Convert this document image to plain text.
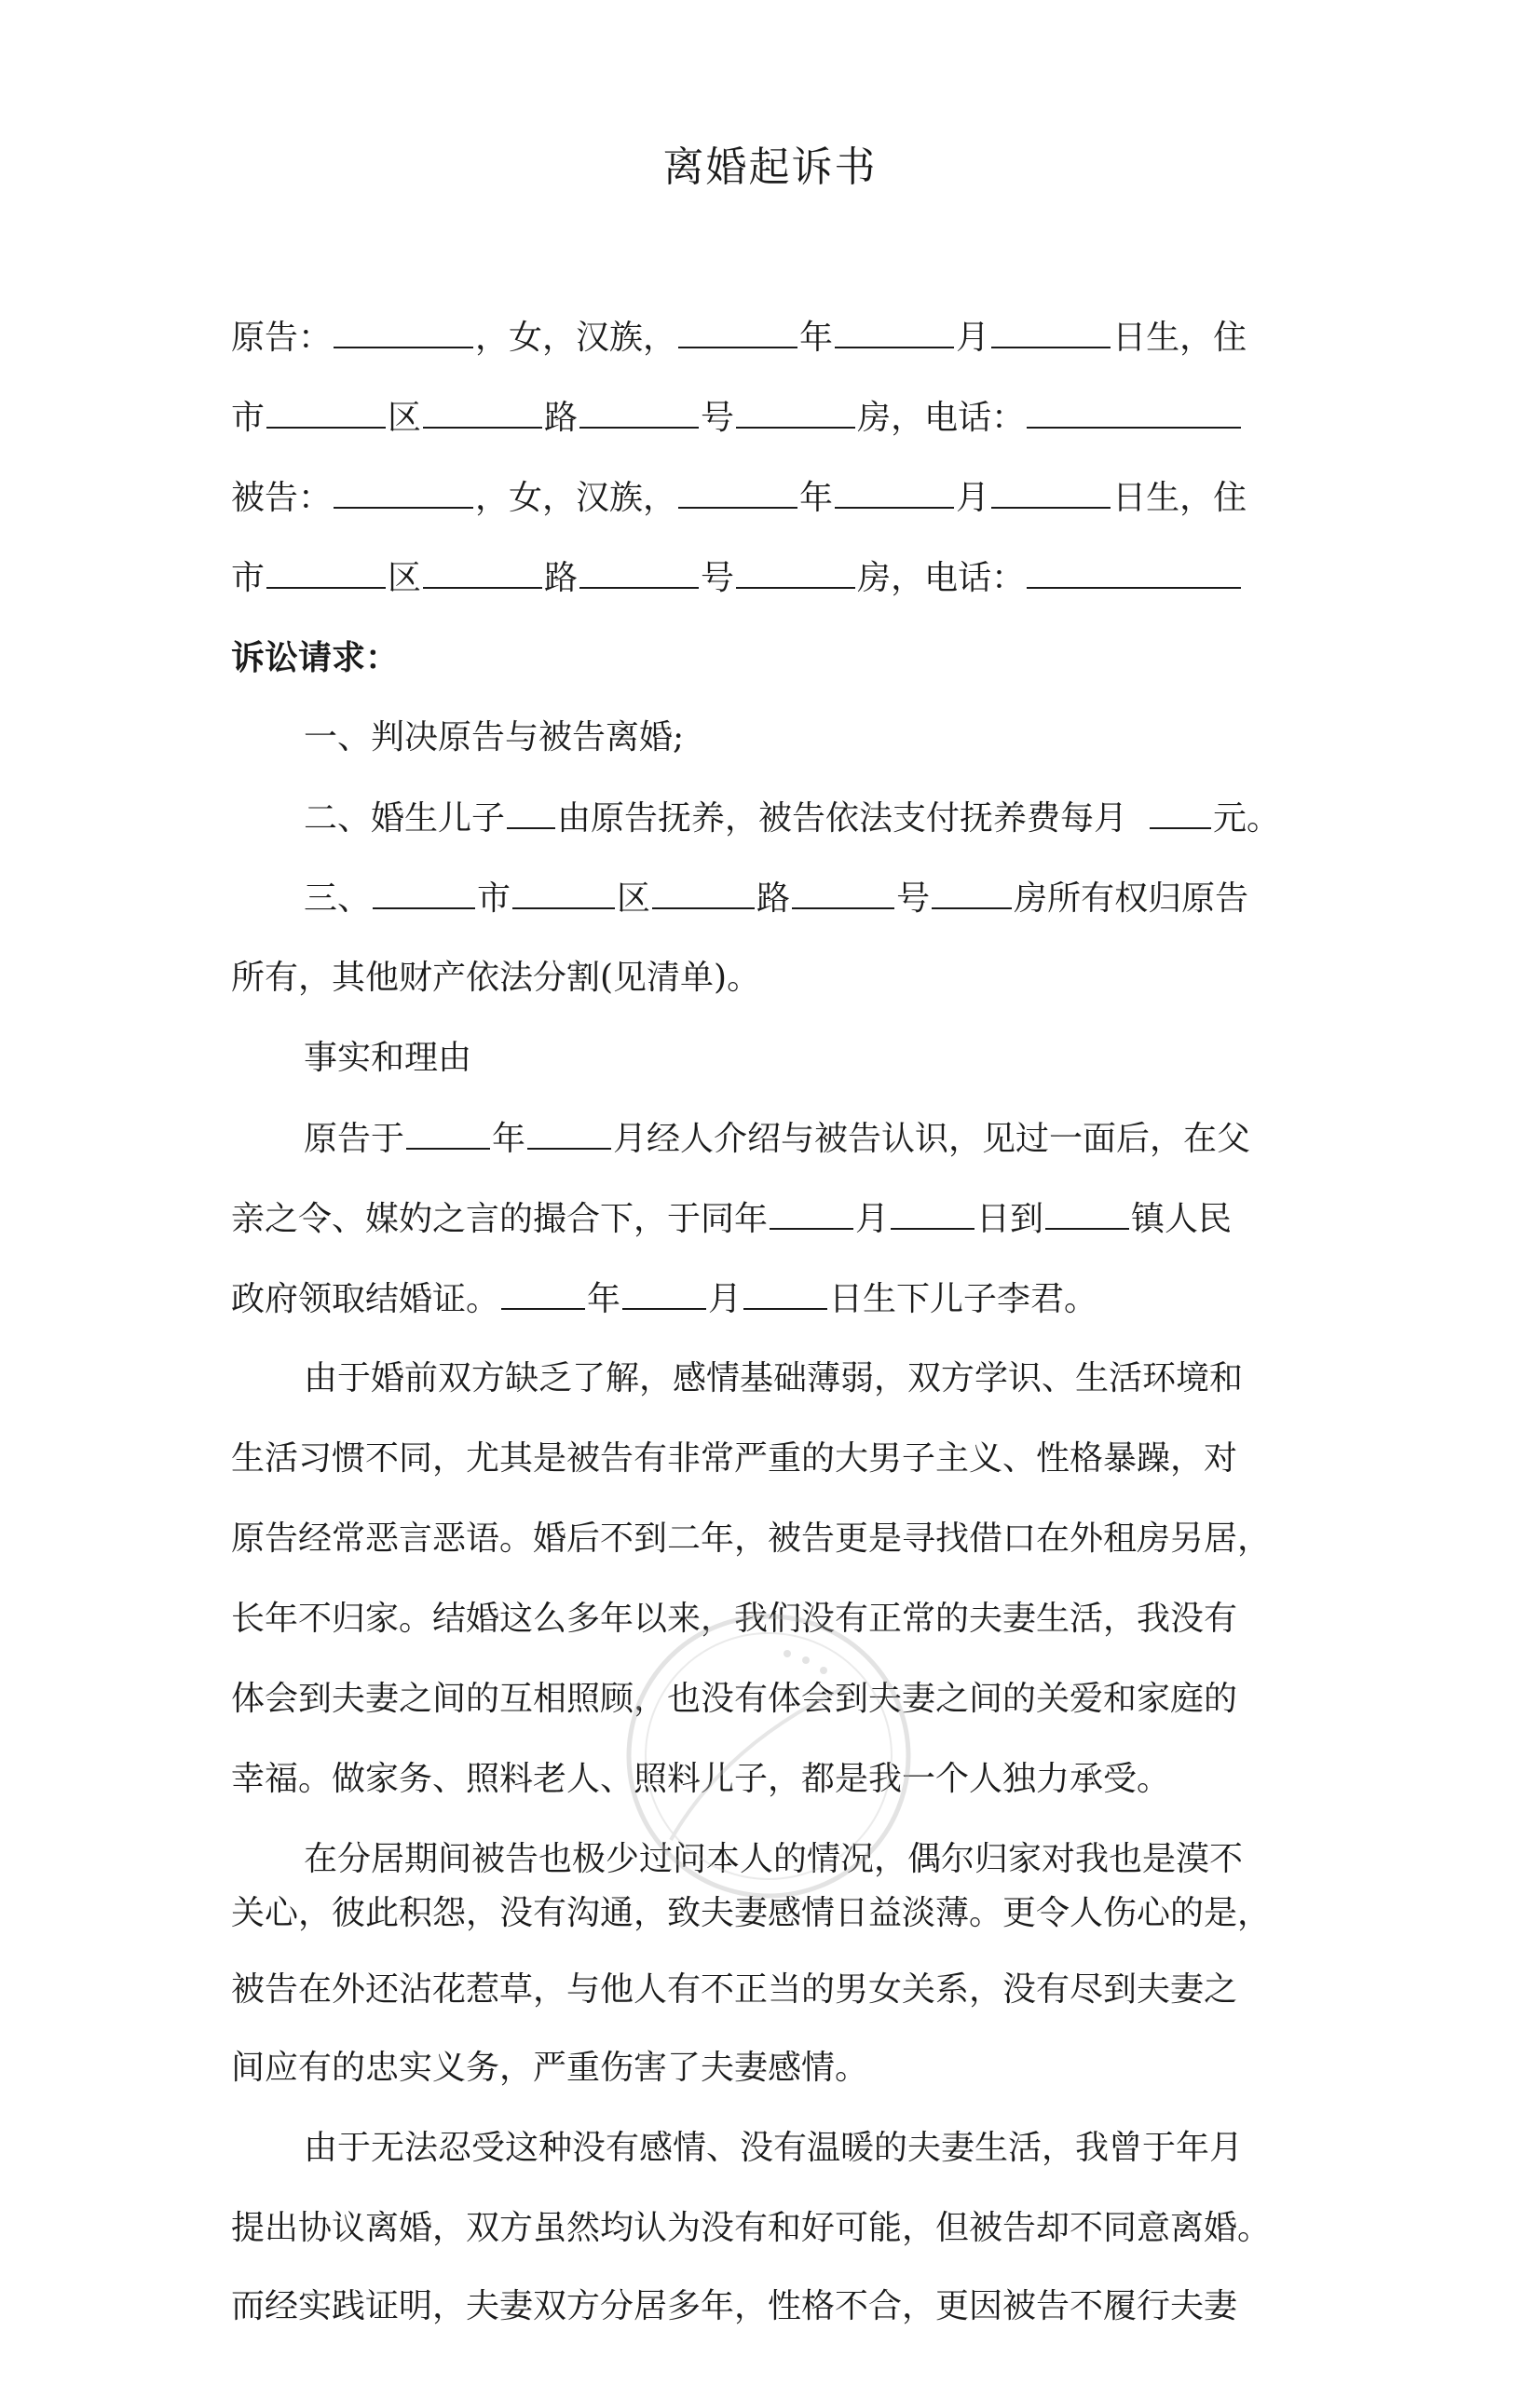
离婚起诉书
原告：	，女，汉族，	年	月	日生，住
市	区	路	号	房，电话：
被告：	，女，汉族，	年	月	日生，住
市	区	路	号	房，电话：
诉讼请求：
一、判决原告与被告离婚;
二、婚生儿子 由原告抚养，被告依法支付抚养费每月	元。
三、	市	区	路	号	房所有权归原告
所有，其他财产依法分割(见清单)。
事实和理由
原告于	年	月经人介绍与被告认识，见过一面后，在父
亲之令、媒妁之言的撮合下，于同年	月	日到	镇人民
政府领取结婚证。	年	月	日生下儿子李君。
由于婚前双方缺乏了解，感情基础薄弱，双方学识、生活环境和
生活习惯不同，尤其是被告有非常严重的大男子主义、性格暴躁，对
原告经常恶言恶语。婚后不到二年，被告更是寻找借口在外租房另居，
长年不归家。结婚这么多年以来，我们没有正常的夫妻生活，我没有
体会到夫妻之间的互相照顾，也没有体会到夫妻之间的关爱和家庭的
幸福。做家务、照料老人、照料儿子，都是我一个人独力承受。
在分居期间被告也极少过问本人的情况，偶尔归家对我也是漠不
关心，彼此积怨，没有沟通，致夫妻感情日益淡薄。更令人伤心的是，
被告在外还沾花惹草，与他人有不正当的男女关系，没有尽到夫妻之
间应有的忠实义务，严重伤害了夫妻感情。
由于无法忍受这种没有感情、没有温暖的夫妻生活，我曾于年月
提出协议离婚，双方虽然均认为没有和好可能，但被告却不同意离婚。
而经实践证明，夫妻双方分居多年，性格不合，更因被告不履行夫妻
